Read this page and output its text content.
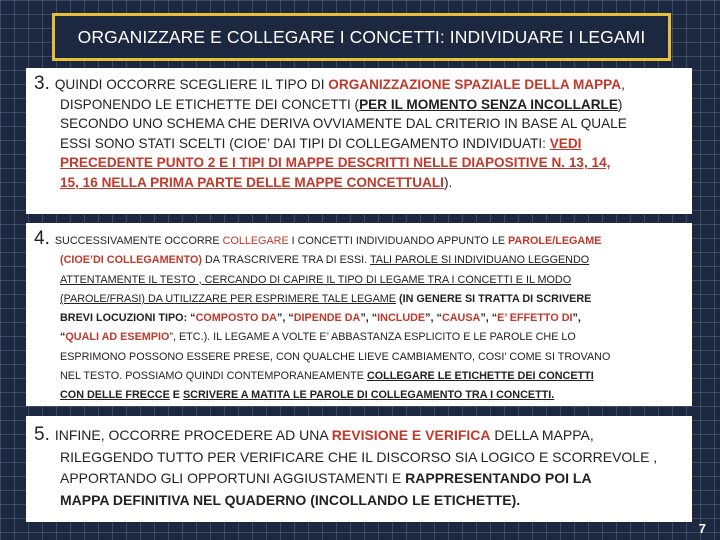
ORGANIZZARE E COLLEGARE I CONCETTI: INDIVIDUARE I LEGAMI
3. QUINDI OCCORRE SCEGLIERE IL TIPO DI ORGANIZZAZIONE SPAZIALE DELLA MAPPA,
DISPONENDO LE ETICHETTE DEI CONCETTI (PER IL MOMENTO SENZA INCOLLARLE)
SECONDO UNO SCHEMA CHE DERIVA OVVIAMENTE DAL CRITERIO IN BASE AL QUALE
ESSI SONO STATI SCELTI (CIOE’ DAI TIPI DI COLLEGAMENTO INDIVIDUATI: VEDI
PRECEDENTE PUNTO 2 E I TIPI DI MAPPE DESCRITTI NELLE DIAPOSITIVE N. 13, 14,
15, 16 NELLA PRIMA PARTE DELLE MAPPE CONCETTUALI).
4. SUCCESSIVAMENTE OCCORRE COLLEGARE I CONCETTI INDIVIDUANDO APPUNTO LE PAROLE/LEGAME
(CIOE’DI COLLEGAMENTO) DA TRASCRIVERE TRA DI ESSI. TALI PAROLE SI INDIVIDUANO LEGGENDO
ATTENTAMENTE IL TESTO , CERCANDO DI CAPIRE IL TIPO DI LEGAME TRA I CONCETTI E IL MODO
(PAROLE/FRASI) DA UTILIZZARE PER ESPRIMERE TALE LEGAME (IN GENERE SI TRATTA DI SCRIVERE
BREVI LOCUZIONI TIPO: “COMPOSTO DA”, “DIPENDE DA”, “INCLUDE”, “CAUSA”, “E’ EFFETTO DI”,
“QUALI AD ESEMPIO”, ETC.). IL LEGAME A VOLTE E’ ABBASTANZA ESPLICITO E LE PAROLE CHE LO
ESPRIMONO POSSONO ESSERE PRESE, CON QUALCHE LIEVE CAMBIAMENTO, COSI’ COME SI TROVANO
NEL TESTO. POSSIAMO QUINDI CONTEMPORANEAMENTE COLLEGARE LE ETICHETTE DEI CONCETTI
CON DELLE FRECCE E SCRIVERE A MATITA LE PAROLE DI COLLEGAMENTO TRA I CONCETTI.
5. INFINE, OCCORRE PROCEDERE AD UNA REVISIONE E VERIFICA DELLA MAPPA,
RILEGGENDO TUTTO PER VERIFICARE CHE IL DISCORSO SIA LOGICO E SCORREVOLE ,
APPORTANDO GLI OPPORTUNI AGGIUSTAMENTI E RAPPRESENTANDO POI LA
MAPPA DEFINITIVA NEL QUADERNO (INCOLLANDO LE ETICHETTE).
7
